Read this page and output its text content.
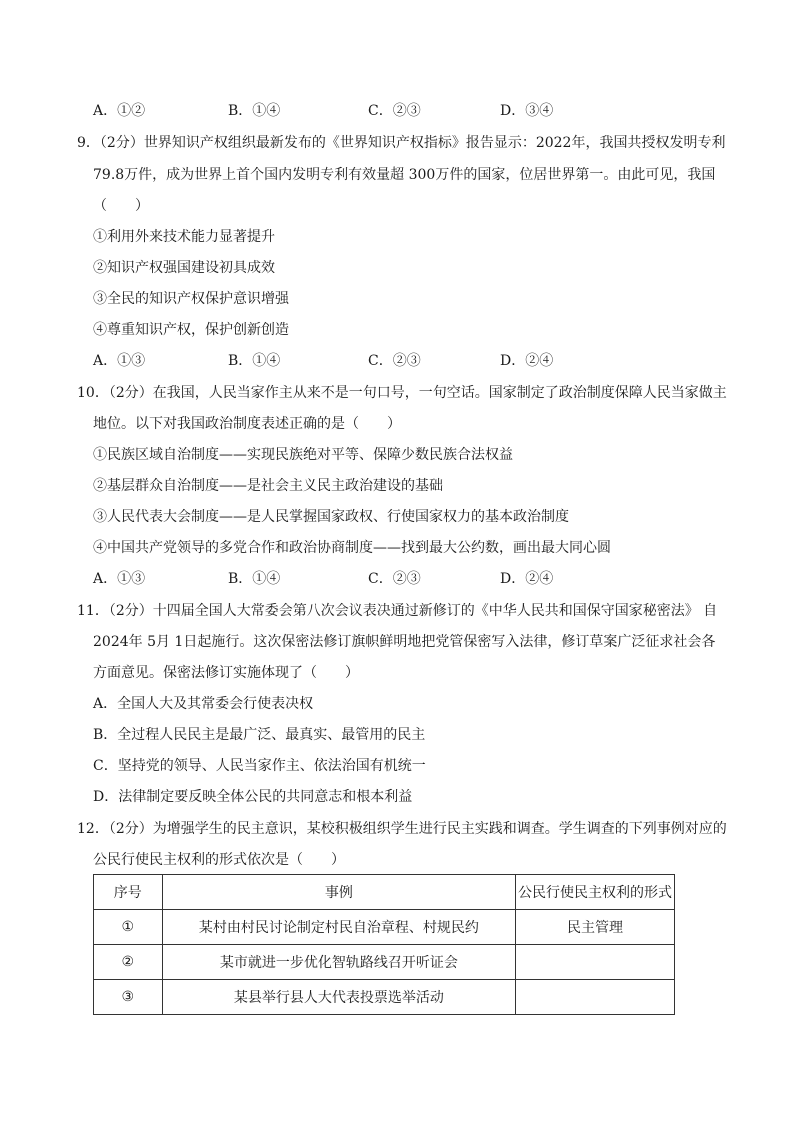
A．①②	B．①④	C．②③	D．③④
9．（2分）世界知识产权组织最新发布的《世界知识产权指标》报告显示：2022年，我国共授权发明专利
79.8万件，成为世界上首个国内发明专利有效量超 300万件的国家，位居世界第一。由此可见，我国
（　　）
①利用外来技术能力显著提升
②知识产权强国建设初具成效
③全民的知识产权保护意识增强
④尊重知识产权，保护创新创造
A．①③	B．①④	C．②③	D．②④
10．（2分）在我国，人民当家作主从来不是一句口号，一句空话。国家制定了政治制度保障人民当家做主
地位。以下对我国政治制度表述正确的是（　　）
①民族区域自治制度——实现民族绝对平等、保障少数民族合法权益
②基层群众自治制度——是社会主义民主政治建设的基础
③人民代表大会制度——是人民掌握国家政权、行使国家权力的基本政治制度
④中国共产党领导的多党合作和政治协商制度——找到最大公约数，画出最大同心圆
A．①③	B．①④	C．②③	D．②④
11．（2分）十四届全国人大常委会第八次会议表决通过新修订的《中华人民共和国保守国家秘密法》 自
2024年 5月 1日起施行。这次保密法修订旗帜鲜明地把党管保密写入法律，修订草案广泛征求社会各
方面意见。保密法修订实施体现了（　　）
A．全国人大及其常委会行使表决权
B．全过程人民民主是最广泛、最真实、最管用的民主
C．坚持党的领导、人民当家作主、依法治国有机统一
D．法律制定要反映全体公民的共同意志和根本利益
12．（2分）为增强学生的民主意识，某校积极组织学生进行民主实践和调查。学生调查的下列事例对应的
公民行使民主权利的形式依次是（　　）
序号	事例	公民行使民主权利的形式
①	某村由村民讨论制定村民自治章程、村规民约	民主管理
②	某市就进一步优化智轨路线召开听证会	
③	某县举行县人大代表投票选举活动	
